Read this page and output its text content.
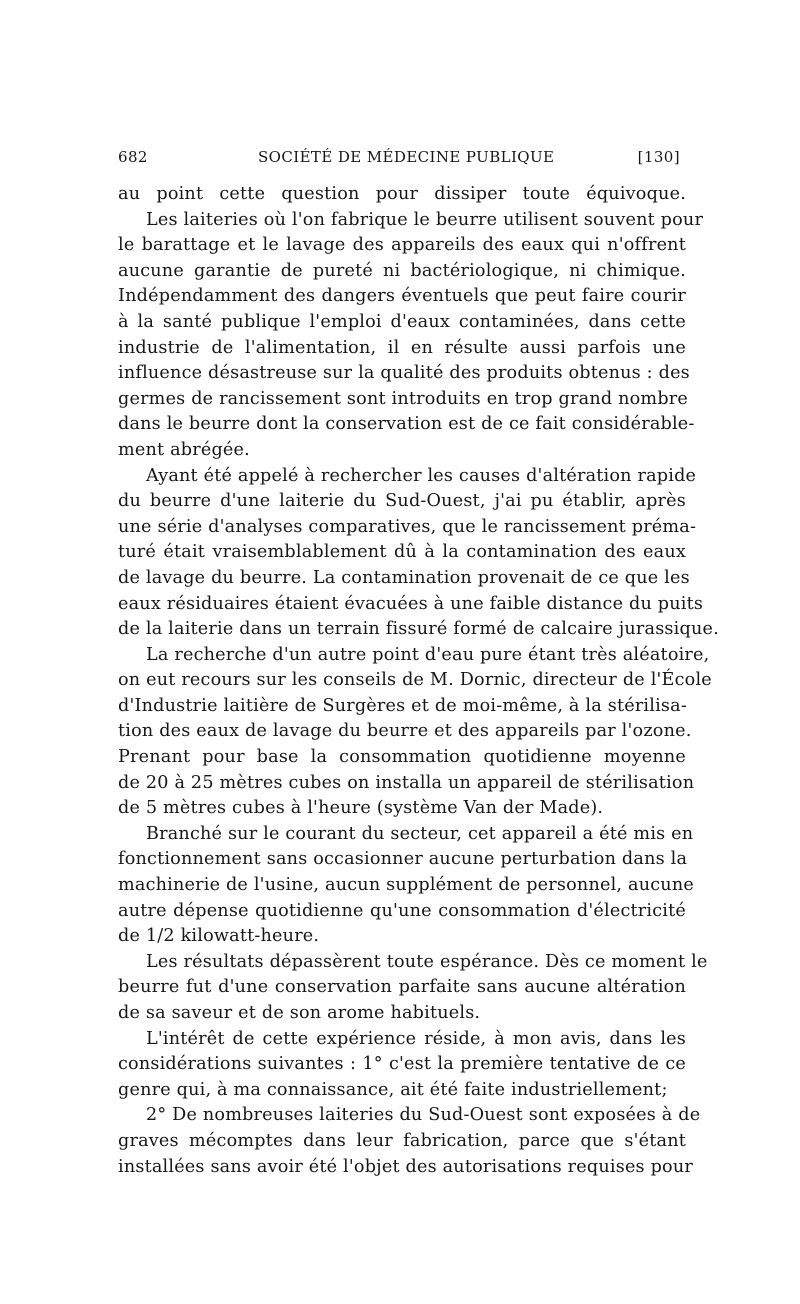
682	SOCIÉTÉ DE MÉDECINE PUBLIQUE	[130]
au point cette question pour dissiper toute équivoque.
Les laiteries où l'on fabrique le beurre utilisent souvent pour
le barattage et le lavage des appareils des eaux qui n'offrent
aucune garantie de pureté ni bactériologique, ni chimique.
Indépendamment des dangers éventuels que peut faire courir
à la santé publique l'emploi d'eaux contaminées, dans cette
industrie de l'alimentation, il en résulte aussi parfois une
influence désastreuse sur la qualité des produits obtenus : des
germes de rancissement sont introduits en trop grand nombre
dans le beurre dont la conservation est de ce fait considérable-
ment abrégée.
Ayant été appelé à rechercher les causes d'altération rapide
du beurre d'une laiterie du Sud-Ouest, j'ai pu établir, après
une série d'analyses comparatives, que le rancissement préma-
turé était vraisemblablement dû à la contamination des eaux
de lavage du beurre. La contamination provenait de ce que les
eaux résiduaires étaient évacuées à une faible distance du puits
de la laiterie dans un terrain fissuré formé de calcaire jurassique.
La recherche d'un autre point d'eau pure étant très aléatoire,
on eut recours sur les conseils de M. Dornic, directeur de l'École
d'Industrie laitière de Surgères et de moi-même, à la stérilisa-
tion des eaux de lavage du beurre et des appareils par l'ozone.
Prenant pour base la consommation quotidienne moyenne
de 20 à 25 mètres cubes on installa un appareil de stérilisation
de 5 mètres cubes à l'heure (système Van der Made).
Branché sur le courant du secteur, cet appareil a été mis en
fonctionnement sans occasionner aucune perturbation dans la
machinerie de l'usine, aucun supplément de personnel, aucune
autre dépense quotidienne qu'une consommation d'électricité
de 1/2 kilowatt-heure.
Les résultats dépassèrent toute espérance. Dès ce moment le
beurre fut d'une conservation parfaite sans aucune altération
de sa saveur et de son arome habituels.
L'intérêt de cette expérience réside, à mon avis, dans les
considérations suivantes : 1° c'est la première tentative de ce
genre qui, à ma connaissance, ait été faite industriellement;
2° De nombreuses laiteries du Sud-Ouest sont exposées à de
graves mécomptes dans leur fabrication, parce que s'étant
installées sans avoir été l'objet des autorisations requises pour
